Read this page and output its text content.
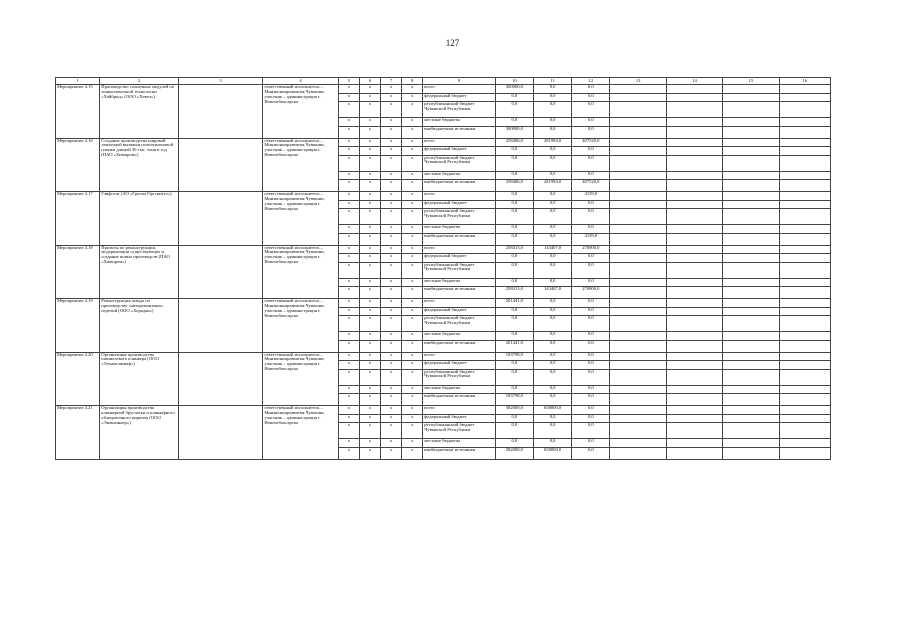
127
1	2	3	4	5	6	7	8	9	10	11	12	13	14	15	16
Мероприятие 4.15	Производство солнечных модулей по тонкопленочной технологии «Хайбрид» (ООО «Хевел»)		ответственный исполнитель – Минэкономразвития Чувашии, участник – администрация г. Новочебоксарска	x	x	x	x	всего	300000,0	0,0	0,0				
				x	x	x	x	федеральный бюджет	0,0	0,0	0,0				
				x	x	x	x	республиканский бюджет Чувашской Республики	0,0	0,0	0,0				
				x	x	x	x	местные бюджеты	0,0	0,0	0,0				
				x	x	x	x	внебюджетные источники	300000,0	0,0	0,0				
Мероприятие 4.16	Создание производства широкой ленточной вытяжки полиэтиленовой пленки длиной 30 тыс. тонн в год (ПАО «Химпром»)		ответственный исполнитель – Минэкономразвития Чувашии, участник – администрация г. Новочебоксарска	x	x	x	x	всего	258486,0	281994,0	407520,0				
				x	x	x	x	федеральный бюджет	0,0	0,0	0,0				
				x	x	x	x	республиканский бюджет Чувашской Республики	0,0	0,0	0,0				
				x	x	x	x	местные бюджеты	0,0	0,0	0,0				
				x	x	x	x	внебюджетные источники	258486,0	281994,0	407520,0				
Мероприятие 4.17	Глифосат (АО «Группа Оргсинтез»)		ответственный исполнитель – Минэкономразвития Чувашии, участник – администрация г. Новочебоксарска	x	x	x	x	всего	0,0	0,0	4159,0				
				x	x	x	x	федеральный бюджет	0,0	0,0	0,0				
				x	x	x	x	республиканский бюджет Чувашской Республики	0,0	0,0	0,0				
				x	x	x	x	местные бюджеты	0,0	0,0	0,0				
				x	x	x	x	внебюджетные источники	0,0	0,0	4159,0				
Мероприятие 4.18	Проекты по реконструкции, модернизации существующих и создание новых производств (ПАО «Химпром»)		ответственный исполнитель – Минэкономразвития Чувашии, участник – администрация г. Новочебоксарска	x	x	x	x	всего	258413,0	143407,0	270000,0				
				x	x	x	x	федеральный бюджет	0,0	0,0	0,0				
				x	x	x	x	республиканский бюджет Чувашской Республики	0,0	0,0	0,0				
				x	x	x	x	местные бюджеты	0,0	0,0	0,0				
				x	x	x	x	внебюджетные источники	258413,0	143407,0	270000,0				
Мероприятие 4.19	Реконструкция завода по производству «авторемонтных» изделий (ООО «Хорадан»)		ответственный исполнитель – Минэкономразвития Чувашии, участник – администрация г. Новочебоксарска	x	x	x	x	всего	201441,0	0,0	0,0				
				x	x	x	x	федеральный бюджет	0,0	0,0	0,0				
				x	x	x	x	республиканский бюджет Чувашской Республики	0,0	0,0	0,0				
				x	x	x	x	местные бюджеты	0,0	0,0	0,0				
				x	x	x	x	внебюджетные источники	201441,0	0,0	0,0				
Мероприятие 4.20	Организация производства шпинелевого клинкера (ООО «Техноклинкер»)		ответственный исполнитель – Минэкономразвития Чувашии, участник – администрация г. Новочебоксарска	x	x	x	x	всего	183798,0	0,0	0,0				
				x	x	x	x	федеральный бюджет	0,0	0,0	0,0				
				x	x	x	x	республиканский бюджет Чувашской Республики	0,0	0,0	0,0				
				x	x	x	x	местные бюджеты	0,0	0,0	0,0				
				x	x	x	x	внебюджетные источники	183798,0	0,0	0,0				
Мероприятие 4.21	Организация производства клинкерной брусчатки и клинкерного облицовочного кирпича (ООО «Экоклинкер»)		ответственный исполнитель – Минэкономразвития Чувашии, участник – администрация г. Новочебоксарска	x	x	x	x	всего	382000,0	658000,0	0,0				
				x	x	x	x	федеральный бюджет	0,0	0,0	0,0				
				x	x	x	x	республиканский бюджет Чувашской Республики	0,0	0,0	0,0				
				x	x	x	x	местные бюджеты	0,0	0,0	0,0				
				x	x	x	x	внебюджетные источники	382000,0	658000,0	0,0				
